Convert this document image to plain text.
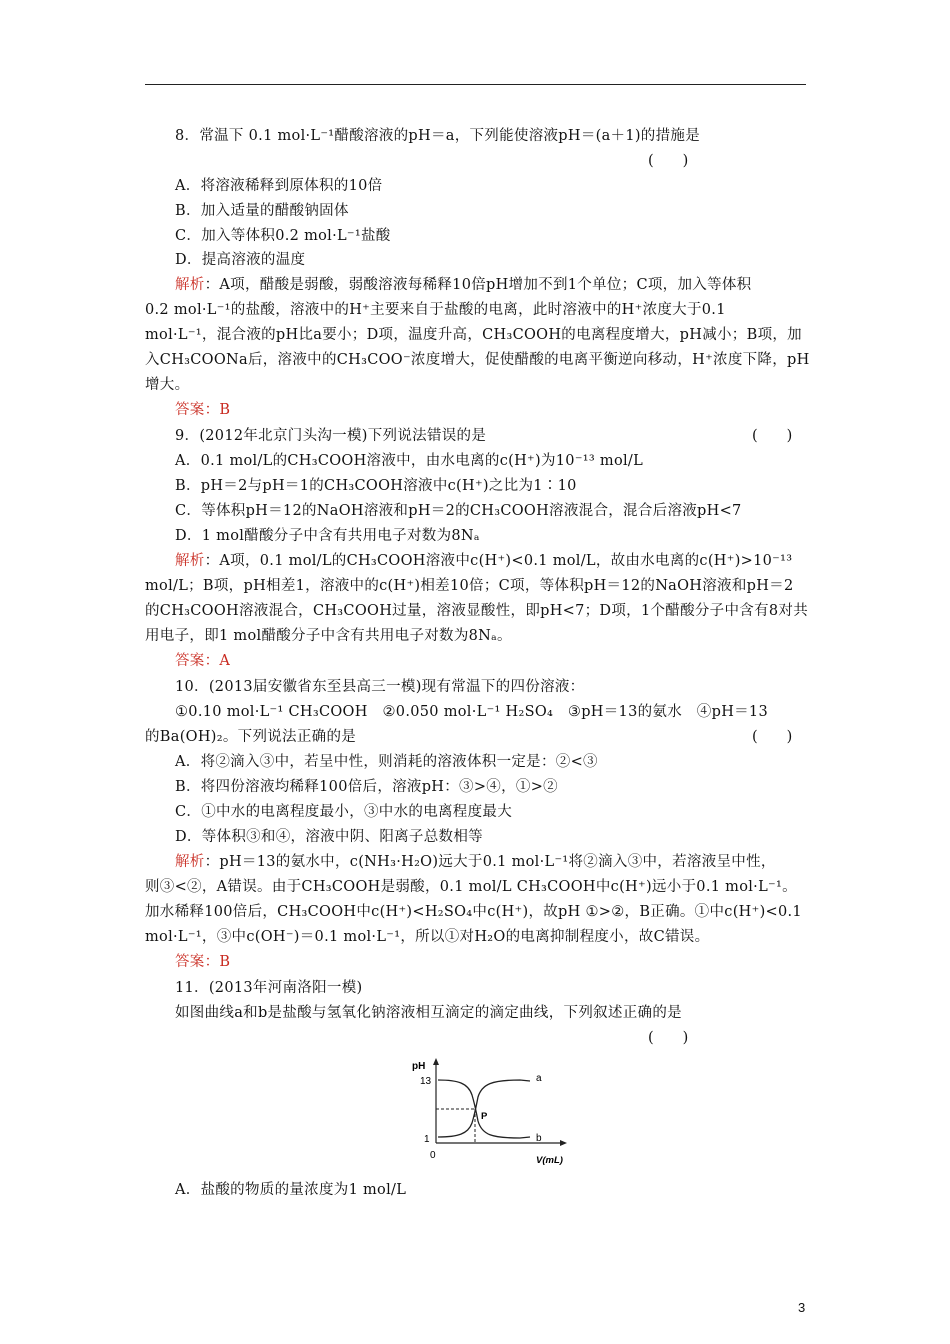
8．常温下 0.1 mol·L⁻¹醋酸溶液的pH＝a，下列能使溶液pH＝(a＋1)的措施是
(　　)
A．将溶液稀释到原体积的10倍
B．加入适量的醋酸钠固体
C．加入等体积0.2 mol·L⁻¹盐酸
D．提高溶液的温度
解析：A项，醋酸是弱酸，弱酸溶液每稀释10倍pH增加不到1个单位；C项，加入等体积
0.2 mol·L⁻¹的盐酸，溶液中的H⁺主要来自于盐酸的电离，此时溶液中的H⁺浓度大于0.1
mol·L⁻¹，混合液的pH比a要小；D项，温度升高，CH₃COOH的电离程度增大，pH减小；B项，加
入CH₃COONa后，溶液中的CH₃COO⁻浓度增大，促使醋酸的电离平衡逆向移动，H⁺浓度下降，pH
增大。
答案：B
9．(2012年北京门头沟一模)下列说法错误的是	(　　)
A．0.1 mol/L的CH₃COOH溶液中，由水电离的c(H⁺)为10⁻¹³ mol/L
B．pH＝2与pH＝1的CH₃COOH溶液中c(H⁺)之比为1∶10
C．等体积pH＝12的NaOH溶液和pH＝2的CH₃COOH溶液混合，混合后溶液pH<7
D．1 mol醋酸分子中含有共用电子对数为8Nₐ
解析：A项，0.1 mol/L的CH₃COOH溶液中c(H⁺)<0.1 mol/L，故由水电离的c(H⁺)>10⁻¹³
mol/L；B项，pH相差1，溶液中的c(H⁺)相差10倍；C项，等体积pH＝12的NaOH溶液和pH＝2
的CH₃COOH溶液混合，CH₃COOH过量，溶液显酸性，即pH<7；D项，1个醋酸分子中含有8对共
用电子，即1 mol醋酸分子中含有共用电子对数为8Nₐ。
答案：A
10．(2013届安徽省东至县高三一模)现有常温下的四份溶液：
①0.10 mol·L⁻¹ CH₃COOH　②0.050 mol·L⁻¹ H₂SO₄　③pH＝13的氨水　④pH＝13
的Ba(OH)₂。下列说法正确的是	(　　)
A．将②滴入③中，若呈中性，则消耗的溶液体积一定是：②<③
B．将四份溶液均稀释100倍后，溶液pH：③>④，①>②
C．①中水的电离程度最小，③中水的电离程度最大
D．等体积③和④，溶液中阴、阳离子总数相等
解析：pH＝13的氨水中，c(NH₃·H₂O)远大于0.1 mol·L⁻¹将②滴入③中，若溶液呈中性，
则③<②，A错误。由于CH₃COOH是弱酸，0.1 mol/L CH₃COOH中c(H⁺)远小于0.1 mol·L⁻¹。
加水稀释100倍后，CH₃COOH中c(H⁺)<H₂SO₄中c(H⁺)，故pH ①>②，B正确。①中c(H⁺)<0.1
mol·L⁻¹，③中c(OH⁻)＝0.1 mol·L⁻¹，所以①对H₂O的电离抑制程度小，故C错误。
答案：B
11．(2013年河南洛阳一模)
如图曲线a和b是盐酸与氢氧化钠溶液相互滴定的滴定曲线，下列叙述正确的是
(　　)
pH
V(mL)
13
1
0
P
a
b
A．盐酸的物质的量浓度为1 mol/L
3
